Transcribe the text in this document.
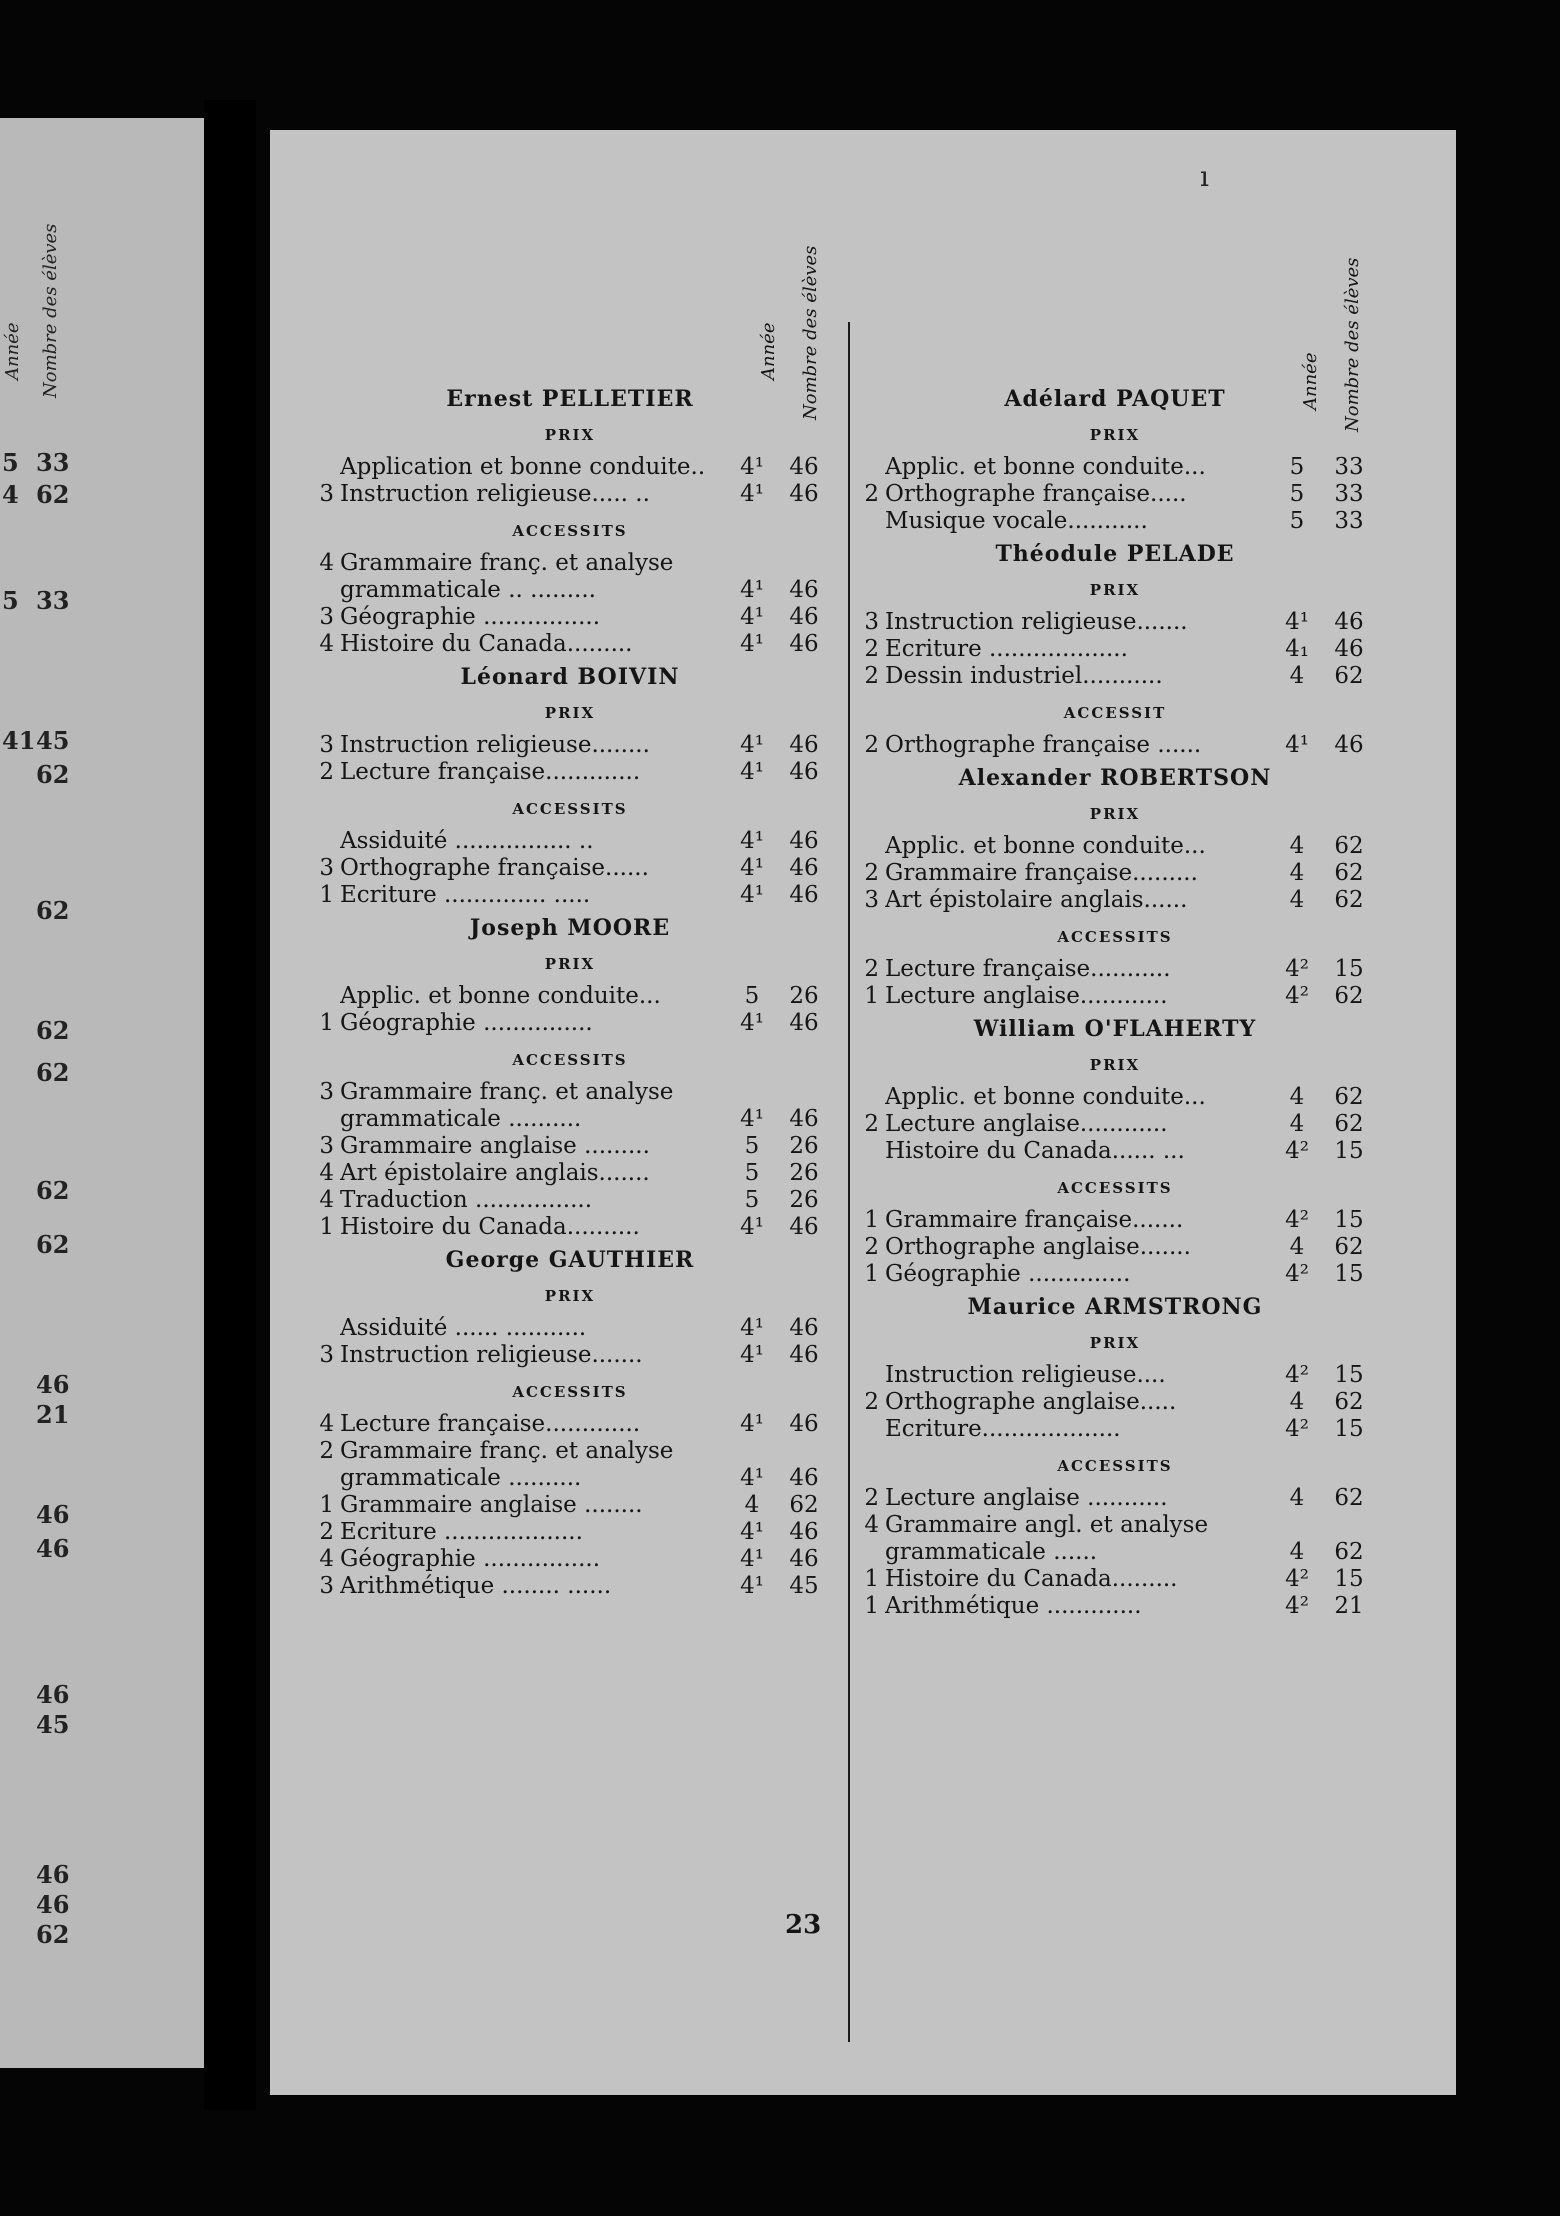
Année Nombre des élèves
5 33
4 62
5 33
41 45
62
62
62
62
62
62
46
21
46
46
46
45
46
46
62
ı
Année Nombre des élèves
Ernest PELLETIER
PRIX
Application et bonne conduite..	4¹	46
3 Instruction religieuse..... ..	4¹	46
ACCESSITS
4 Grammaire franç. et analyse
grammaticale .. .........	4¹	46
3 Géographie ................	4¹	46
4 Histoire du Canada.........	4¹	46
Léonard BOIVIN
PRIX
3 Instruction religieuse........	4¹	46
2 Lecture française.............	4¹	46
ACCESSITS
Assiduité ................ ..	4¹	46
3 Orthographe française......	4¹	46
1 Ecriture .............. .....	4¹	46
Joseph MOORE
PRIX
Applic. et bonne conduite...	5	26
1 Géographie ...............	4¹	46
ACCESSITS
3 Grammaire franç. et analyse
grammaticale ..........	4¹	46
3 Grammaire anglaise .........	5	26
4 Art épistolaire anglais.......	5	26
4 Traduction ................	5	26
1 Histoire du Canada..........	4¹	46
George GAUTHIER
PRIX
Assiduité ...... ...........	4¹	46
3 Instruction religieuse.......	4¹	46
ACCESSITS
4 Lecture française.............	4¹	46
2 Grammaire franç. et analyse
grammaticale ..........	4¹	46
1 Grammaire anglaise ........	4	62
2 Ecriture ...................	4¹	46
4 Géographie ................	4¹	46
3 Arithmétique ........ ......	4¹	45
Année Nombre des élèves
Adélard PAQUET
PRIX
Applic. et bonne conduite...	5	33
2 Orthographe française.....	5	33
Musique vocale...........	5	33
Théodule PELADE
PRIX
3 Instruction religieuse.......	4¹	46
2 Ecriture ...................	4₁	46
2 Dessin industriel...........	4	62
ACCESSIT
2 Orthographe française ......	4¹	46
Alexander ROBERTSON
PRIX
Applic. et bonne conduite...	4	62
2 Grammaire française.........	4	62
3 Art épistolaire anglais......	4	62
ACCESSITS
2 Lecture française...........	4²	15
1 Lecture anglaise............	4²	62
William O'FLAHERTY
PRIX
Applic. et bonne conduite...	4	62
2 Lecture anglaise............	4	62
Histoire du Canada...... ...	4²	15
ACCESSITS
1 Grammaire française.......	4²	15
2 Orthographe anglaise.......	4	62
1 Géographie ..............	4²	15
Maurice ARMSTRONG
PRIX
Instruction religieuse....	4²	15
2 Orthographe anglaise.....	4	62
Ecriture...................	4²	15
ACCESSITS
2 Lecture anglaise ...........	4	62
4 Grammaire angl. et analyse
grammaticale ......	4	62
1 Histoire du Canada.........	4²	15
1 Arithmétique .............	4²	21
23
